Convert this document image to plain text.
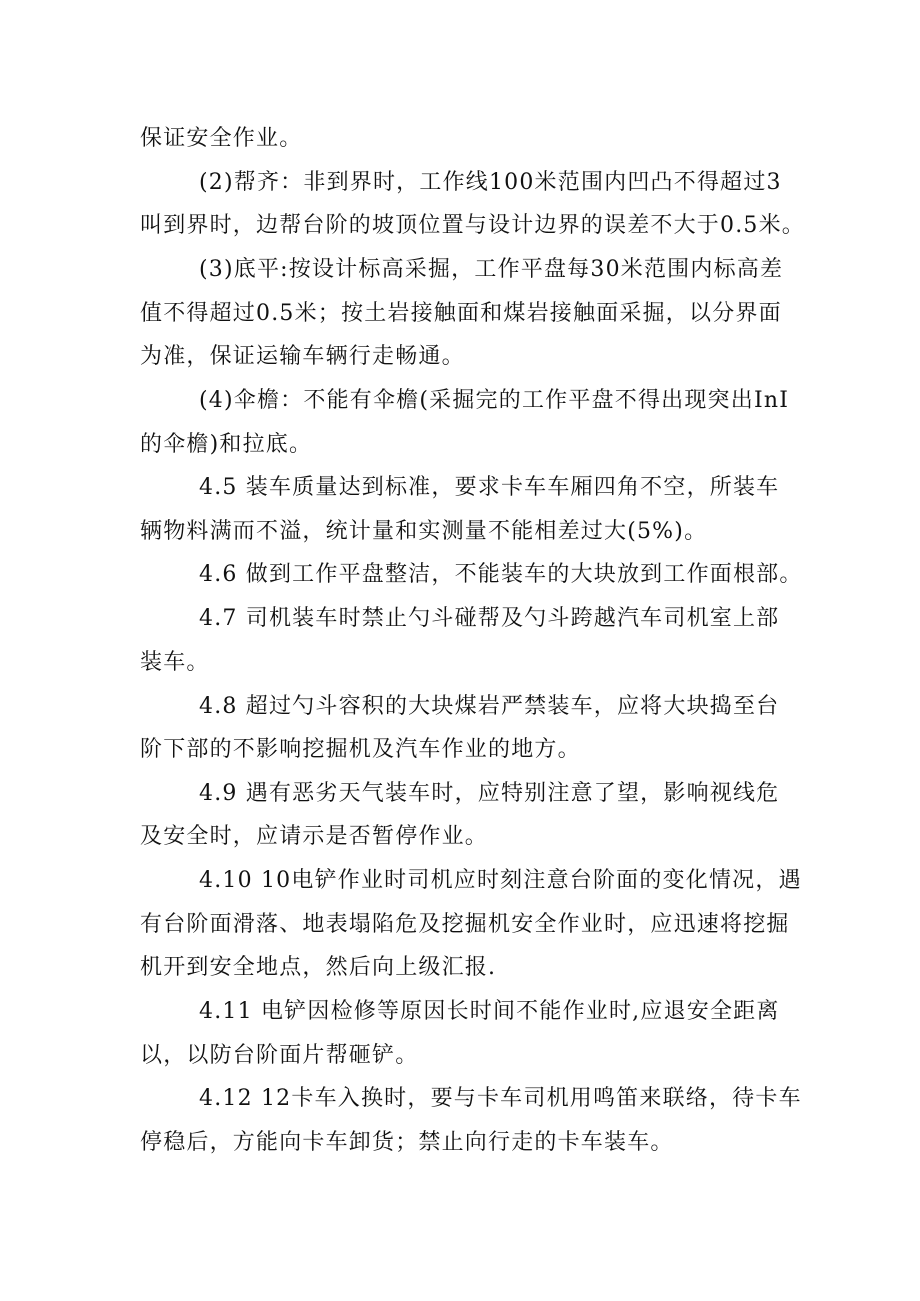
保证安全作业。
(2)帮齐：非到界时，工作线100米范围内凹凸不得超过3
叫到界时，边帮台阶的坡顶位置与设计边界的误差不大于0.5米。
(3)底平:按设计标高采掘，工作平盘每30米范围内标高差
值不得超过0.5米；按土岩接触面和煤岩接触面采掘，以分界面
为准，保证运输车辆行走畅通。
(4)伞檐：不能有伞檐(采掘完的工作平盘不得出现突出InI
的伞檐)和拉底。
4.5 装车质量达到标准，要求卡车车厢四角不空，所装车
辆物料满而不溢，统计量和实测量不能相差过大(5%)。
4.6 做到工作平盘整洁，不能装车的大块放到工作面根部。
4.7 司机装车时禁止勺斗碰帮及勺斗跨越汽车司机室上部
装车。
4.8 超过勺斗容积的大块煤岩严禁装车，应将大块捣至台
阶下部的不影响挖掘机及汽车作业的地方。
4.9 遇有恶劣天气装车时，应特别注意了望，影响视线危
及安全时，应请示是否暂停作业。
4.10 10电铲作业时司机应时刻注意台阶面的变化情况，遇
有台阶面滑落、地表塌陷危及挖掘机安全作业时，应迅速将挖掘
机开到安全地点，然后向上级汇报.
4.11 电铲因检修等原因长时间不能作业时,应退安全距离
以，以防台阶面片帮砸铲。
4.12 12卡车入换时，要与卡车司机用鸣笛来联络，待卡车
停稳后，方能向卡车卸货；禁止向行走的卡车装车。
